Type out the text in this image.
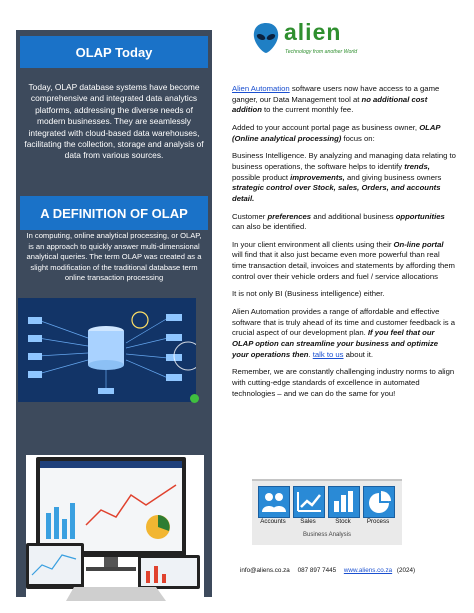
OLAP Today
Today, OLAP database systems have become comprehensive and integrated data analytics platforms, addressing the diverse needs of modern businesses. They are seamlessly integrated with cloud-based data warehouses, facilitating the collection, storage and analysis of data from various sources.
A DEFINITION OF OLAP
In computing, online analytical processing, or OLAP, is an approach to quickly answer multi-dimensional analytical queries. The term OLAP was created as a slight modification of the traditional database term online transaction processing
alien
Technology from another World

Alien Automation software users now have access to a game ganger, our Data Management tool at no additional cost addition to the current monthly fee.

Added to your account portal page as business owner, OLAP (Online analytical processing) focus on:

Business Intelligence. By analyzing and managing data relating to business operations, the software helps to identify trends, possible product improvements, and giving business owners strategic control over Stock, sales, Orders, and accounts detail.

Customer preferences and additional business opportunities can also be identified.

In your client environment all clients using their On-line portal will find that it also just became even more powerful than real time transaction detail, invoices and statements by affording them control over their vehicle orders and fuel / service allocations

It is not only BI (Business intelligence) either.

Alien Automation provides a range of affordable and effective software that is truly ahead of its time and customer feedback is a crucial aspect of our development plan. If you feel that our OLAP option can streamline your business and optimize your operations then. talk to us about it.

Remember, we are constantly challenging industry norms to align with cutting-edge standards of excellence in automated technologies – and we can do the same for you!

Accounts	Sales	Stock	Process
Business Analysis
info@aliens.co.za 087 897 7445 www.aliens.co.za (2024)
